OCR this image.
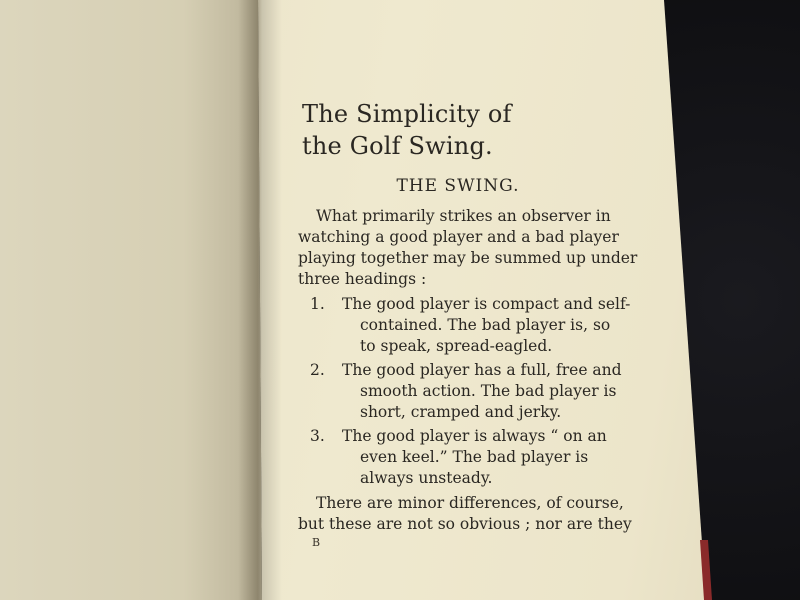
The Simplicity of
the Golf Swing.
THE SWING.

What primarily strikes an observer in
watching a good player and a bad player
playing together may be summed up under
three headings :

1.	The good player is compact and self-
contained. The bad player is, so
to speak, spread-eagled.
2.	The good player has a full, free and
smooth action. The bad player is
short, cramped and jerky.
3.	The good player is always “ on an
even keel.” The bad player is
always unsteady.

There are minor differences, of course,
but these are not so obvious ; nor are they

B
